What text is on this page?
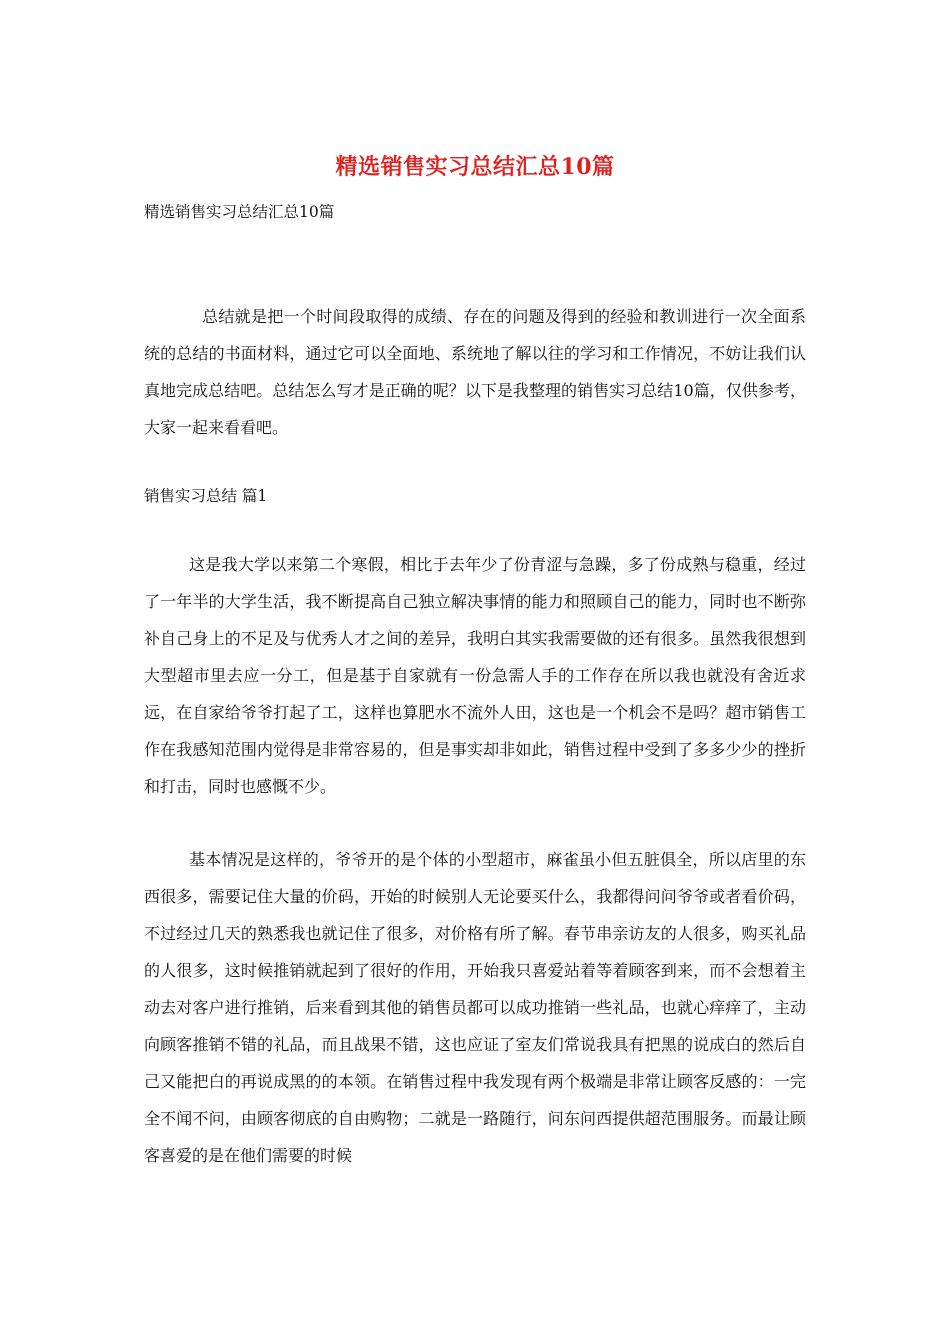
精选销售实习总结汇总10篇
精选销售实习总结汇总10篇

总结就是把一个时间段取得的成绩、存在的问题及得到的经验和教训进行一次全面系统的总结的书面材料，通过它可以全面地、系统地了解以往的学习和工作情况，不妨让我们认真地完成总结吧。总结怎么写才是正确的呢？以下是我整理的销售实习总结10篇，仅供参考，大家一起来看看吧。

销售实习总结 篇1

这是我大学以来第二个寒假，相比于去年少了份青涩与急躁，多了份成熟与稳重，经过了一年半的大学生活，我不断提高自己独立解决事情的能力和照顾自己的能力，同时也不断弥补自己身上的不足及与优秀人才之间的差异，我明白其实我需要做的还有很多。虽然我很想到大型超市里去应一分工，但是基于自家就有一份急需人手的工作存在所以我也就没有舍近求远，在自家给爷爷打起了工，这样也算肥水不流外人田，这也是一个机会不是吗？超市销售工作在我感知范围内觉得是非常容易的，但是事实却非如此，销售过程中受到了多多少少的挫折和打击，同时也感慨不少。

基本情况是这样的，爷爷开的是个体的小型超市，麻雀虽小但五脏俱全，所以店里的东西很多，需要记住大量的价码，开始的时候别人无论要买什么，我都得问问爷爷或者看价码，不过经过几天的熟悉我也就记住了很多，对价格有所了解。春节串亲访友的人很多，购买礼品的人很多，这时候推销就起到了很好的作用，开始我只喜爱站着等着顾客到来，而不会想着主动去对客户进行推销，后来看到其他的销售员都可以成功推销一些礼品，也就心痒痒了，主动向顾客推销不错的礼品，而且战果不错，这也应证了室友们常说我具有把黑的说成白的然后自己又能把白的再说成黑的的本领。在销售过程中我发现有两个极端是非常让顾客反感的：一完全不闻不问，由顾客彻底的自由购物；二就是一路随行，问东问西提供超范围服务。而最让顾客喜爱的是在他们需要的时候
